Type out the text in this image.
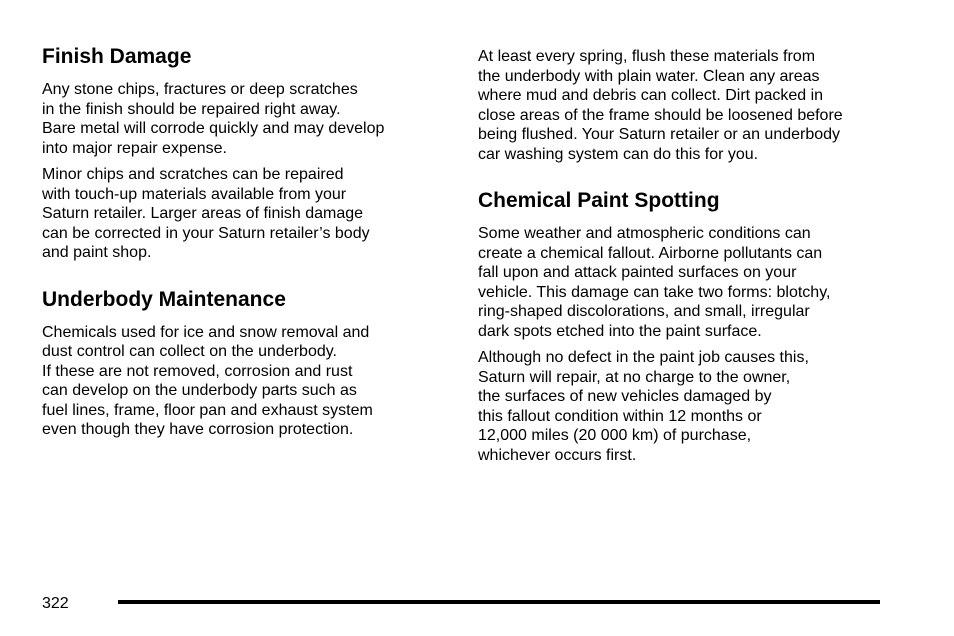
Finish Damage

Any stone chips, fractures or deep scratches
in the finish should be repaired right away.
Bare metal will corrode quickly and may develop
into major repair expense.

Minor chips and scratches can be repaired
with touch-up materials available from your
Saturn retailer. Larger areas of finish damage
can be corrected in your Saturn retailer’s body
and paint shop.

Underbody Maintenance

Chemicals used for ice and snow removal and
dust control can collect on the underbody.
If these are not removed, corrosion and rust
can develop on the underbody parts such as
fuel lines, frame, floor pan and exhaust system
even though they have corrosion protection.

At least every spring, flush these materials from
the underbody with plain water. Clean any areas
where mud and debris can collect. Dirt packed in
close areas of the frame should be loosened before
being flushed. Your Saturn retailer or an underbody
car washing system can do this for you.

Chemical Paint Spotting

Some weather and atmospheric conditions can
create a chemical fallout. Airborne pollutants can
fall upon and attack painted surfaces on your
vehicle. This damage can take two forms: blotchy,
ring-shaped discolorations, and small, irregular
dark spots etched into the paint surface.

Although no defect in the paint job causes this,
Saturn will repair, at no charge to the owner,
the surfaces of new vehicles damaged by
this fallout condition within 12 months or
12,000 miles (20 000 km) of purchase,
whichever occurs first.

322
